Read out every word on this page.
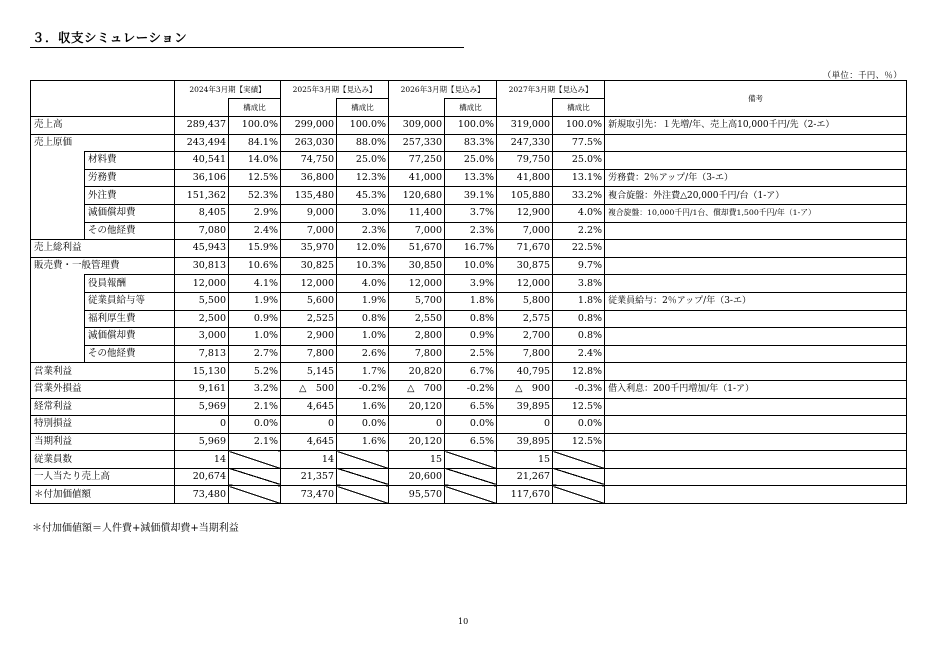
３．収支シミュレーション
（単位：千円、％）
		2024年3月期【実績】		2025年3月期【見込み】		2026年3月期【見込み】		2027年3月期【見込み】		備考
			構成比		構成比		構成比		構成比	
売上高		289,437	100.0%	299,000	100.0%	309,000	100.0%	319,000	100.0%	新規取引先：１先増/年、売上高10,000千円/先（2-エ）
売上原価		243,494	84.1%	263,030	88.0%	257,330	83.3%	247,330	77.5%	
	材料費	40,541	14.0%	74,750	25.0%	77,250	25.0%	79,750	25.0%	
	労務費	36,106	12.5%	36,800	12.3%	41,000	13.3%	41,800	13.1%	労務費：2％アップ/年（3-エ）
	外注費	151,362	52.3%	135,480	45.3%	120,680	39.1%	105,880	33.2%	複合旋盤：外注費△20,000千円/台（1-ア）
	減価償却費	8,405	2.9%	9,000	3.0%	11,400	3.7%	12,900	4.0%	複合旋盤：10,000千円/1台、償却費1,500千円/年（1-ア）
	その他経費	7,080	2.4%	7,000	2.3%	7,000	2.3%	7,000	2.2%	
売上総利益		45,943	15.9%	35,970	12.0%	51,670	16.7%	71,670	22.5%	
販売費・一般管理費		30,813	10.6%	30,825	10.3%	30,850	10.0%	30,875	9.7%	
	役員報酬	12,000	4.1%	12,000	4.0%	12,000	3.9%	12,000	3.8%	
	従業員給与等	5,500	1.9%	5,600	1.9%	5,700	1.8%	5,800	1.8%	従業員給与：2％アップ/年（3-エ）
	福利厚生費	2,500	0.9%	2,525	0.8%	2,550	0.8%	2,575	0.8%	
	減価償却費	3,000	1.0%	2,900	1.0%	2,800	0.9%	2,700	0.8%	
	その他経費	7,813	2.7%	7,800	2.6%	7,800	2.5%	7,800	2.4%	
営業利益		15,130	5.2%	5,145	1.7%	20,820	6.7%	40,795	12.8%	
営業外損益		9,161	3.2%	△　500	-0.2%	△　700	-0.2%	△　900	-0.3%	借入利息：200千円増加/年（1-ア）
経常利益		5,969	2.1%	4,645	1.6%	20,120	6.5%	39,895	12.5%	
特別損益		0	0.0%	0	0.0%	0	0.0%	0	0.0%	
当期利益		5,969	2.1%	4,645	1.6%	20,120	6.5%	39,895	12.5%	
従業員数		14		14		15		15		
一人当たり売上高		20,674		21,357		20,600		21,267		
＊付加価値額		73,480		73,470		95,570		117,670		
＊付加価値額＝人件費+減価償却費+当期利益
10
